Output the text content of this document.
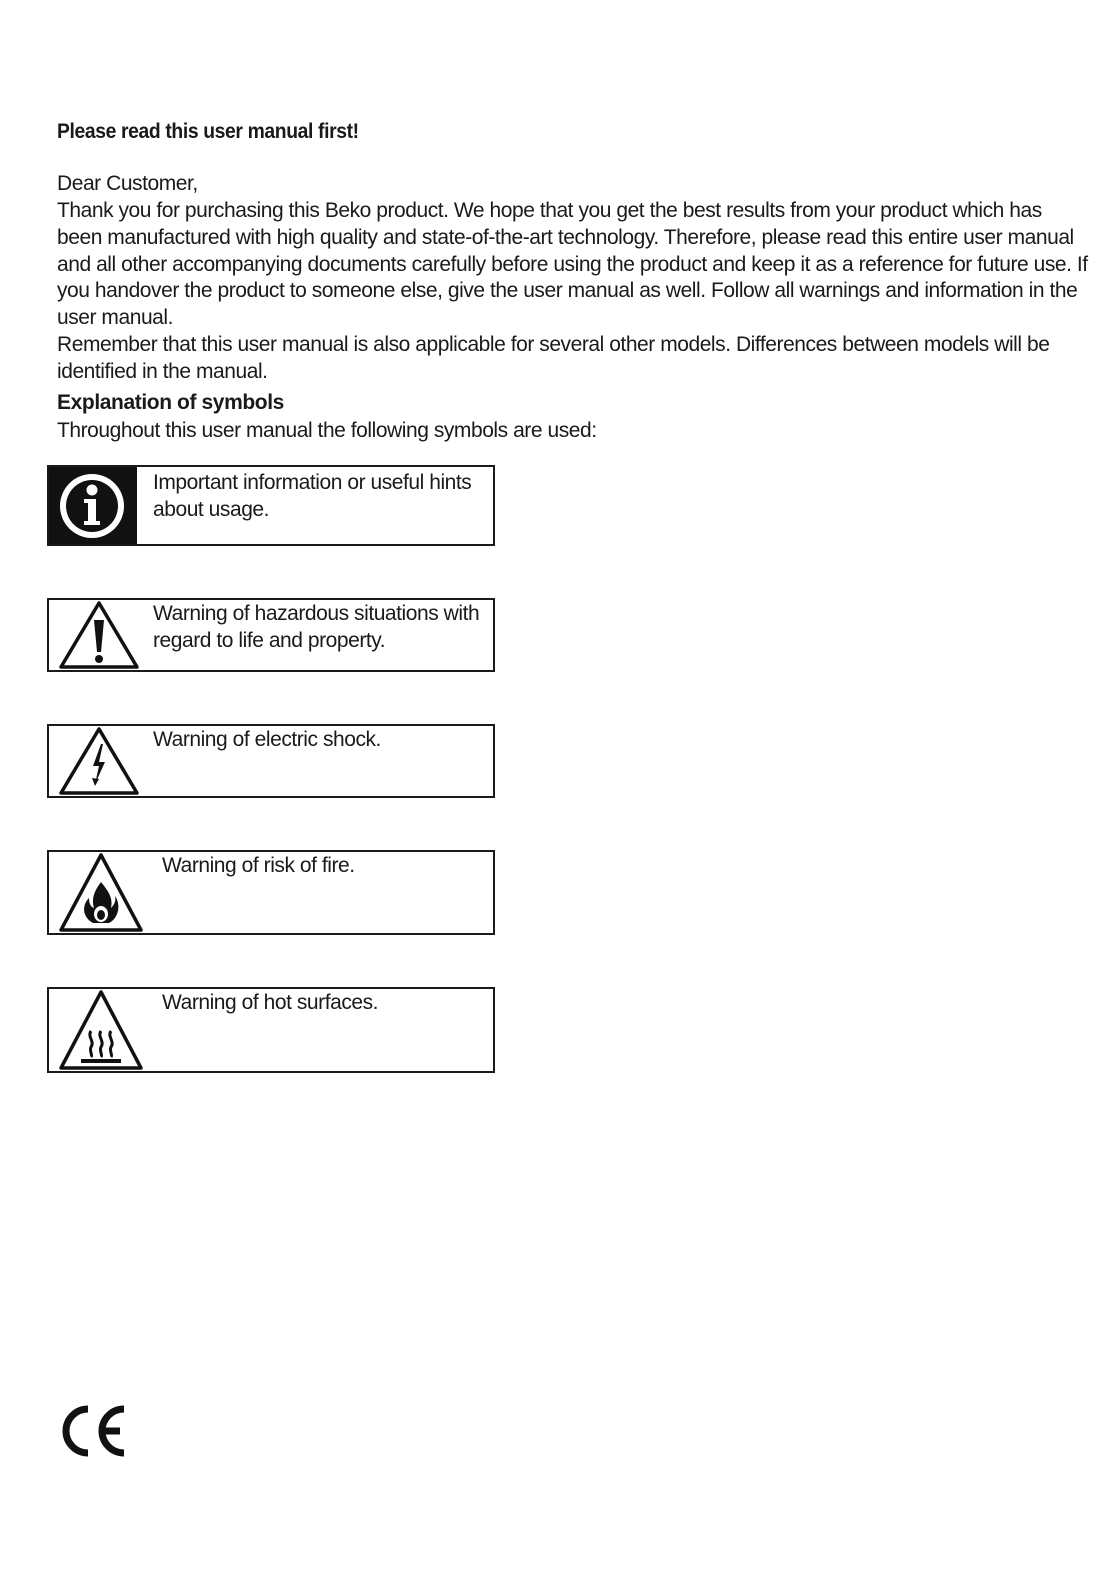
Please read this user manual first!
Dear Customer,
Thank you for purchasing this Beko product. We hope that you get the best results from your product which has been manufactured with high quality and state-of-the-art technology. Therefore, please read this entire user manual and all other accompanying documents carefully before using the product and keep it as a reference for future use. If you handover the product to someone else, give the user manual as well. Follow all warnings and information in the user manual.
Remember that this user manual is also applicable for several other models. Differences between models will be identified in the manual.
Explanation of symbols
Throughout this user manual the following symbols are used:
Important information or useful hints about usage.
Warning of hazardous situations with regard to life and property.
Warning of electric shock.
Warning of risk of fire.
Warning of hot surfaces.
